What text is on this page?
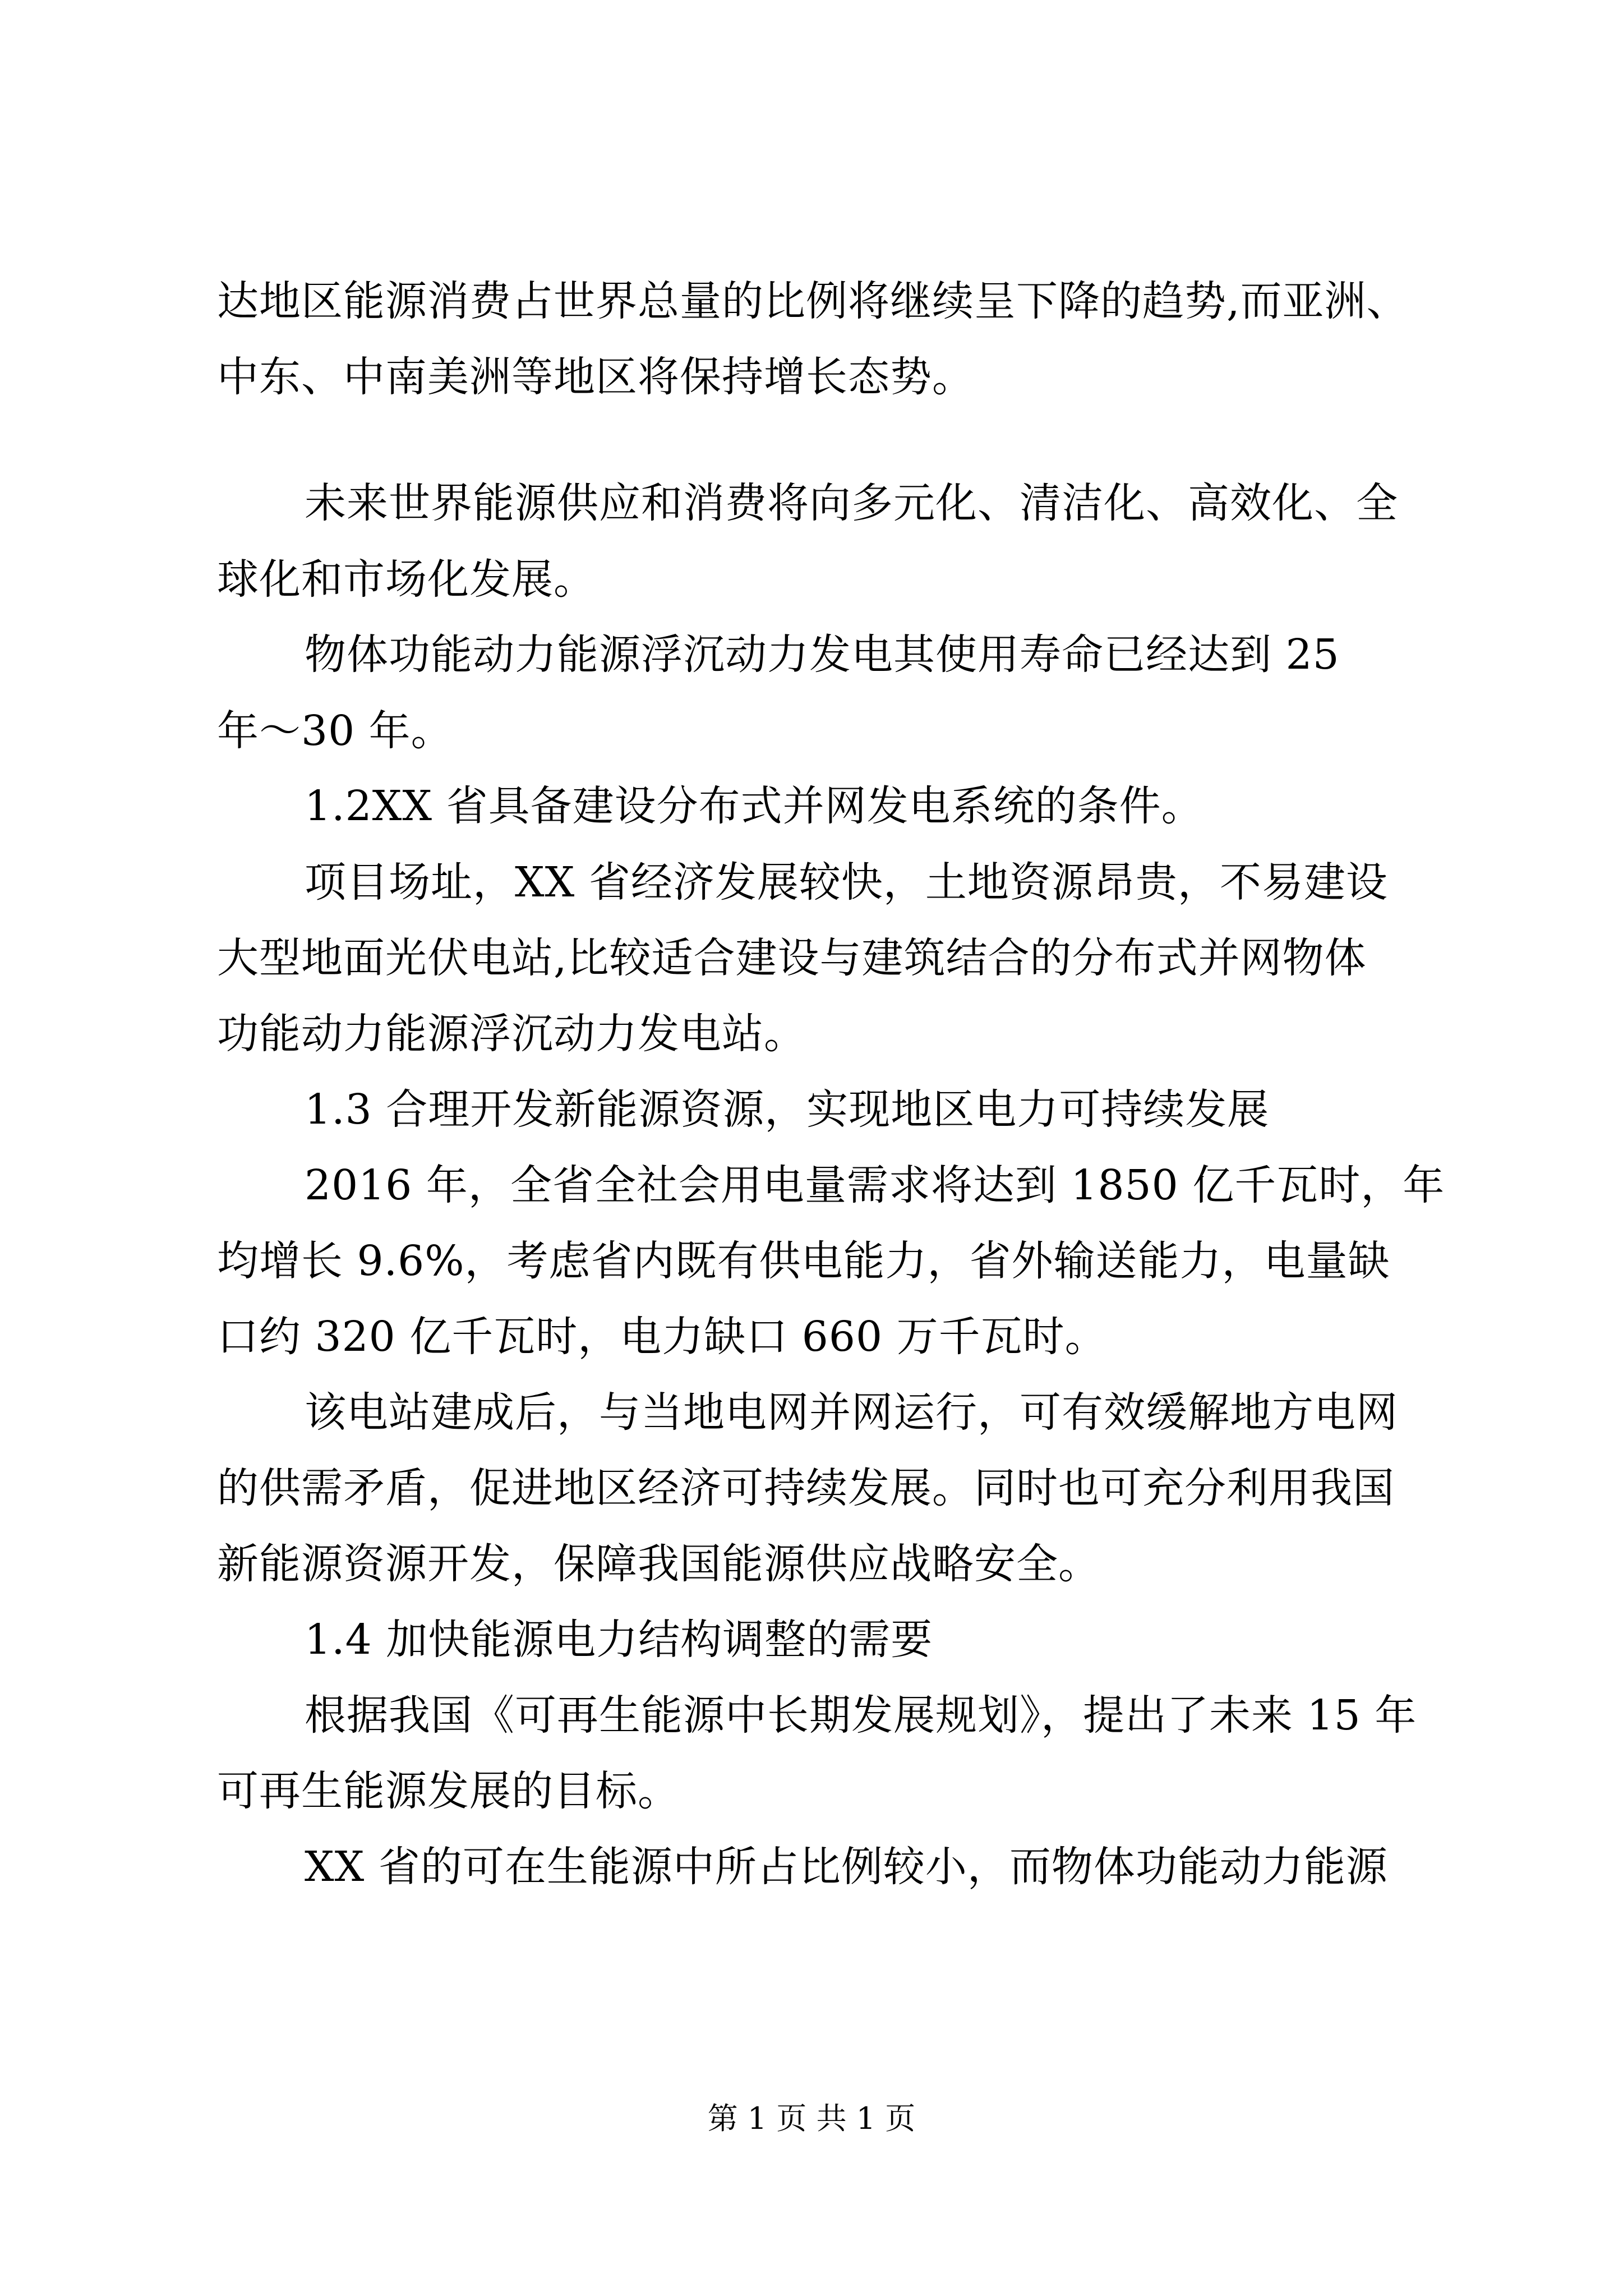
达地区能源消费占世界总量的比例将继续呈下降的趋势,而亚洲、
中东、中南美洲等地区将保持增长态势。
未来世界能源供应和消费将向多元化、清洁化、高效化、全
球化和市场化发展。
物体功能动力能源浮沉动力发电其使用寿命已经达到 25
年～30 年。
1.2XX 省具备建设分布式并网发电系统的条件。
项目场址，XX 省经济发展较快，土地资源昂贵，不易建设
大型地面光伏电站,比较适合建设与建筑结合的分布式并网物体
功能动力能源浮沉动力发电站。
1.3 合理开发新能源资源，实现地区电力可持续发展
2016 年，全省全社会用电量需求将达到 1850 亿千瓦时，年
均增长 9.6%，考虑省内既有供电能力，省外输送能力，电量缺
口约 320 亿千瓦时，电力缺口 660 万千瓦时。
该电站建成后，与当地电网并网运行，可有效缓解地方电网
的供需矛盾，促进地区经济可持续发展。同时也可充分利用我国
新能源资源开发，保障我国能源供应战略安全。
1.4 加快能源电力结构调整的需要
根据我国《可再生能源中长期发展规划》，提出了未来 15 年
可再生能源发展的目标。
XX 省的可在生能源中所占比例较小，而物体功能动力能源
第 1 页 共 1 页
